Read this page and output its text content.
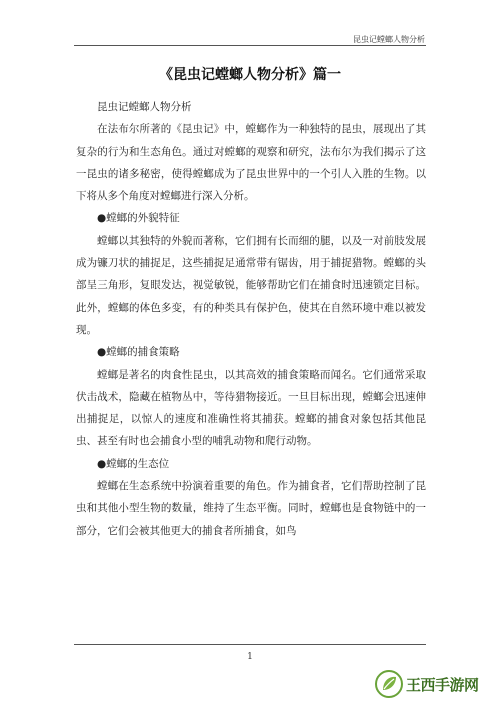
昆虫记螳螂人物分析
《昆虫记螳螂人物分析》篇一

昆虫记螳螂人物分析

在法布尔所著的《昆虫记》中，螳螂作为一种独特的昆虫，展现出了其复杂的行为和生态角色。通过对螳螂的观察和研究，法布尔为我们揭示了这一昆虫的诸多秘密，使得螳螂成为了昆虫世界中的一个引人入胜的生物。以下将从多个角度对螳螂进行深入分析。

●螳螂的外貌特征

螳螂以其独特的外貌而著称，它们拥有长而细的腿，以及一对前肢发展成为镰刀状的捕捉足，这些捕捉足通常带有锯齿，用于捕捉猎物。螳螂的头部呈三角形，复眼发达，视觉敏锐，能够帮助它们在捕食时迅速锁定目标。此外，螳螂的体色多变，有的种类具有保护色，使其在自然环境中难以被发现。

●螳螂的捕食策略

螳螂是著名的肉食性昆虫，以其高效的捕食策略而闻名。它们通常采取伏击战术，隐藏在植物丛中，等待猎物接近。一旦目标出现，螳螂会迅速伸出捕捉足，以惊人的速度和准确性将其捕获。螳螂的捕食对象包括其他昆虫、甚至有时也会捕食小型的哺乳动物和爬行动物。

●螳螂的生态位

螳螂在生态系统中扮演着重要的角色。作为捕食者，它们帮助控制了昆虫和其他小型生物的数量，维持了生态平衡。同时，螳螂也是食物链中的一部分，它们会被其他更大的捕食者所捕食，如鸟

1
王西手游网
